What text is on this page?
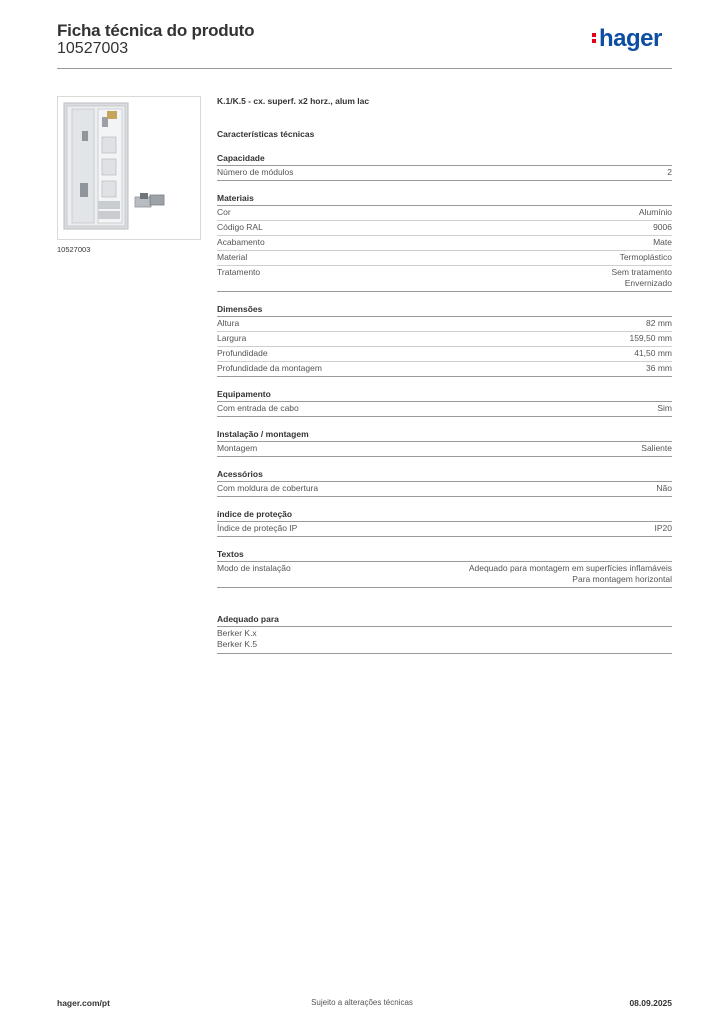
Ficha técnica do produto
10527003	hager
10527003
K.1/K.5 - cx. superf. x2 horz., alum lac
Características técnicas
Capacidade
Número de módulos	2
Materiais
Cor	Alumínio
Código RAL	9006
Acabamento	Mate
Material	Termoplástico
Tratamento	Sem tratamento
Envernizado
Dimensões
Altura	82 mm
Largura	159,50 mm
Profundidade	41,50 mm
Profundidade da montagem	36 mm
Equipamento
Com entrada de cabo	Sim
Instalação / montagem
Montagem	Saliente
Acessórios
Com moldura de cobertura	Não
índice de proteção
Índice de proteção IP	IP20
Textos
Modo de instalação	Adequado para montagem em superfícies inflamáveis
Para montagem horizontal
Adequado para
Berker K.x
Berker K.5
hager.com/pt	Sujeito a alterações técnicas	08.09.2025
